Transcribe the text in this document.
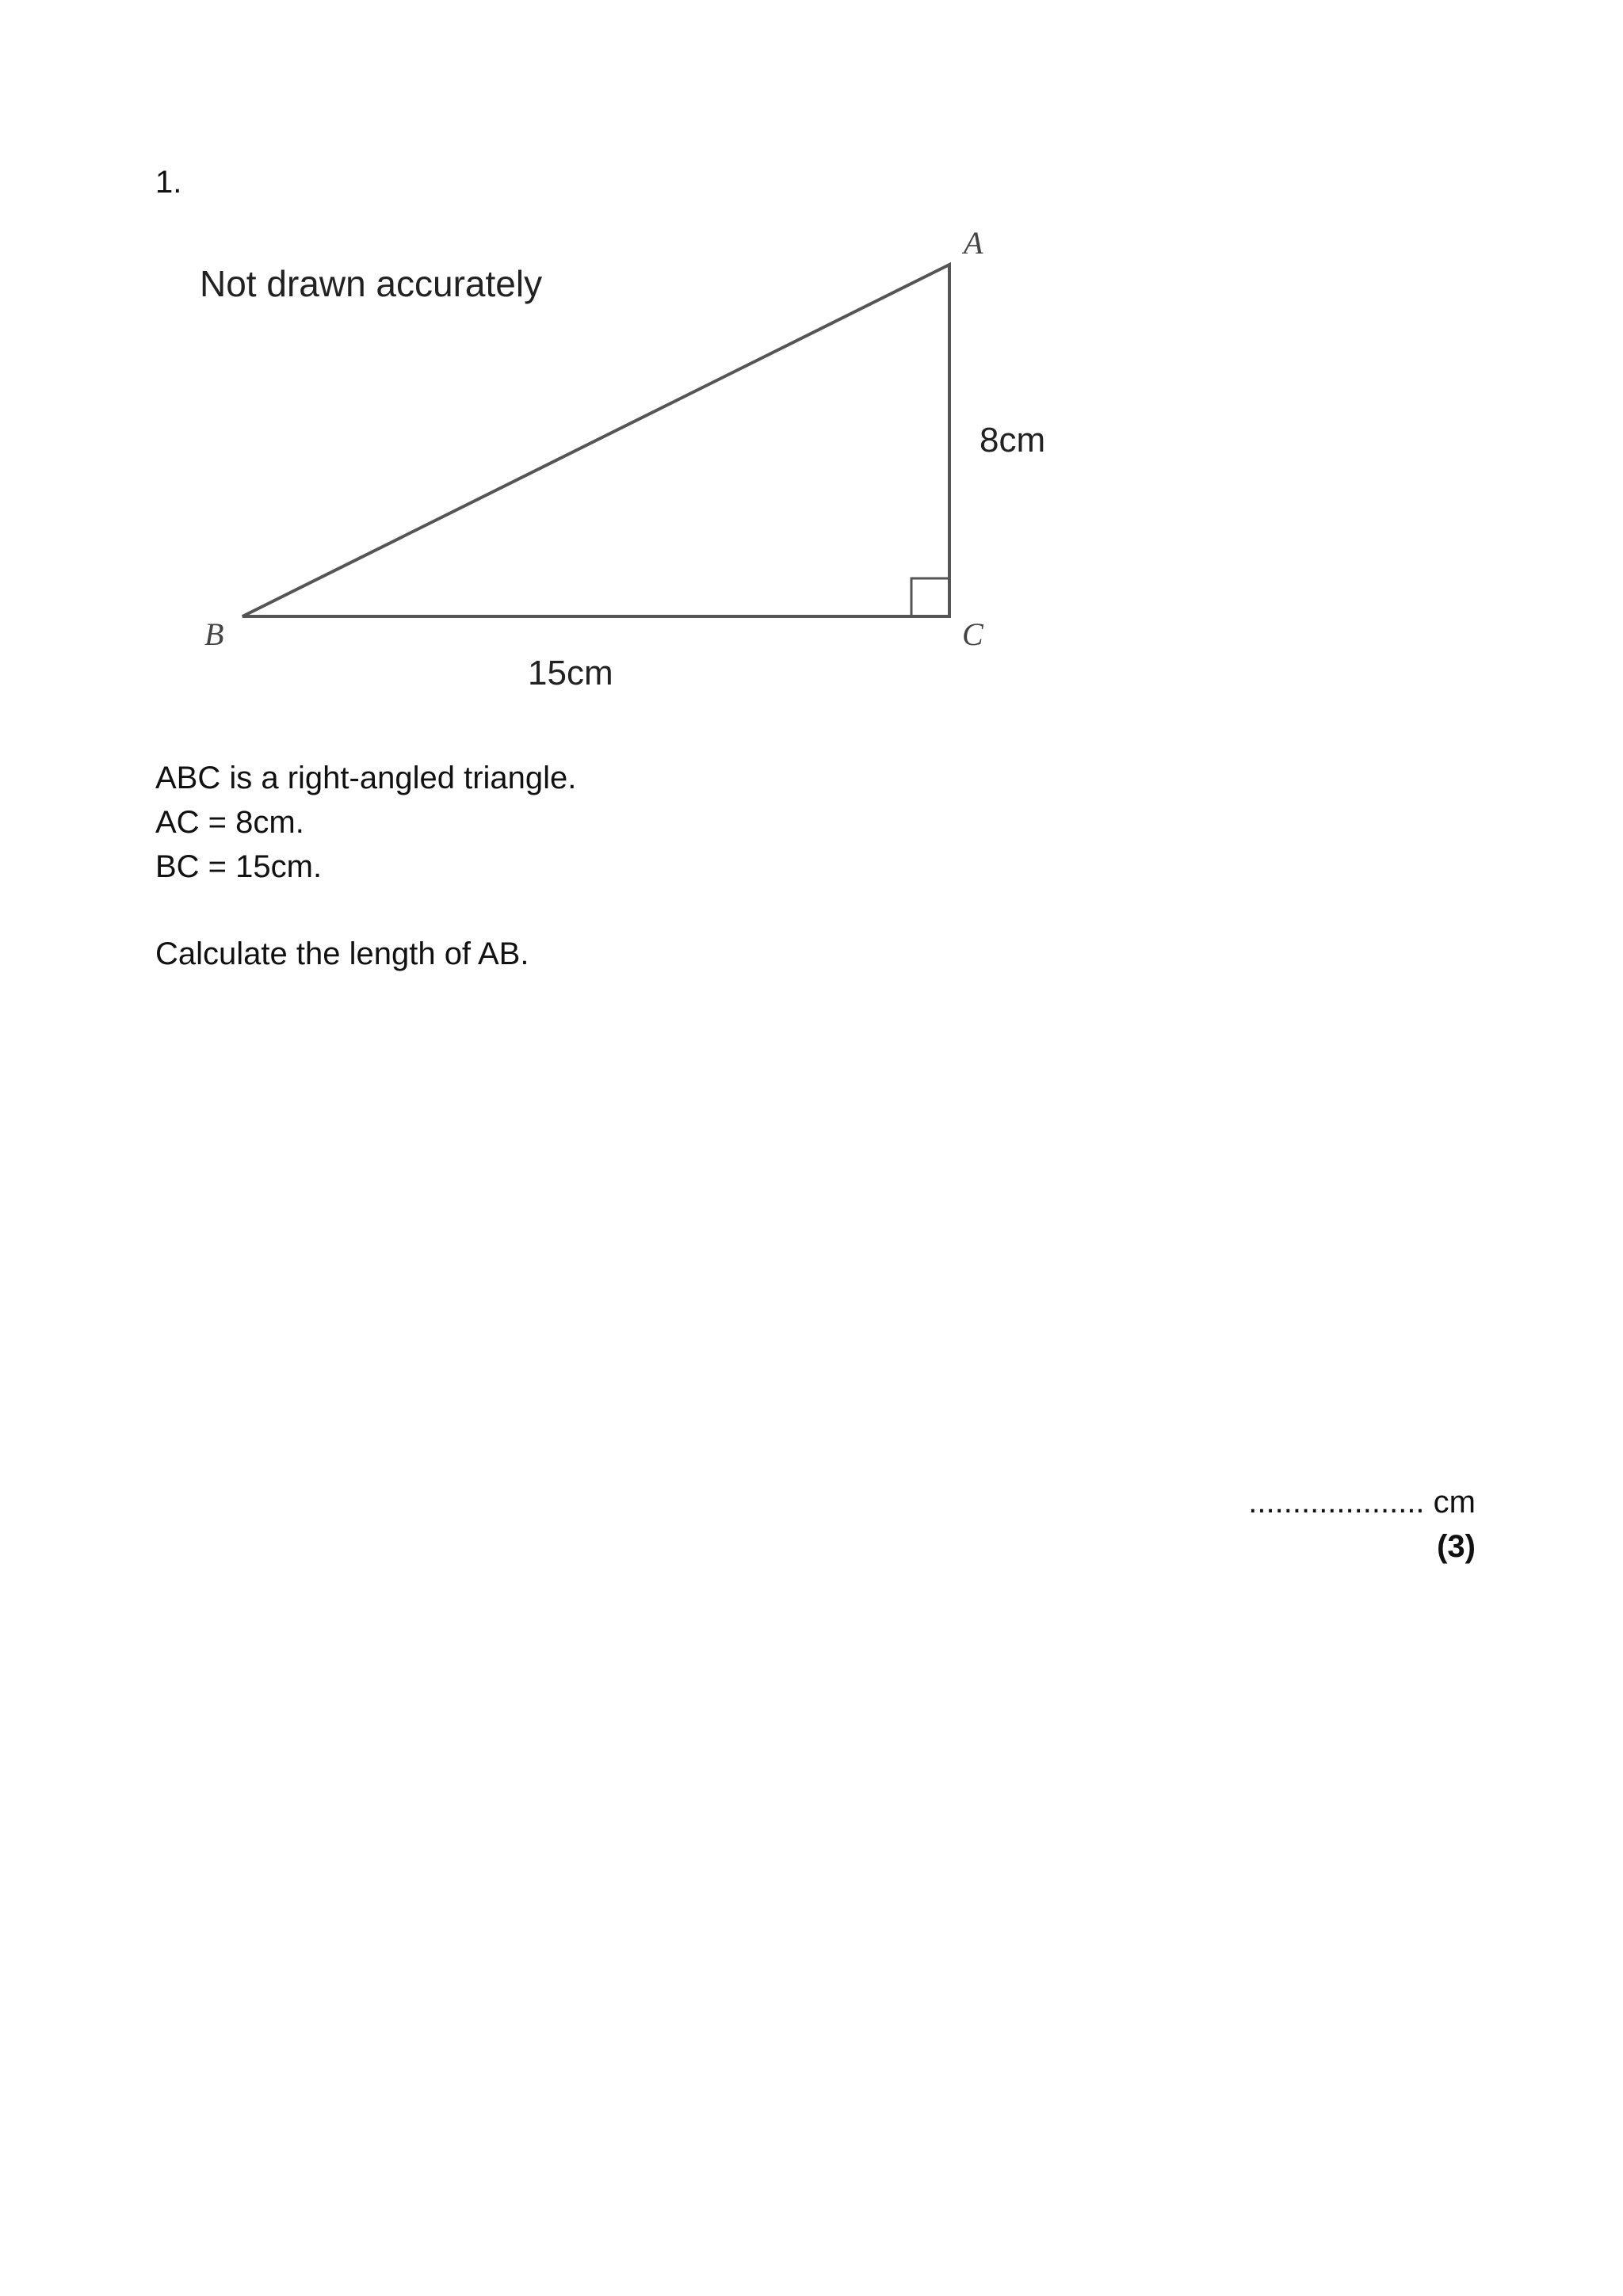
1.
Not drawn accurately
A
B	C
8cm
15cm
ABC is a right-angled triangle.
AC = 8cm.
BC = 15cm.
Calculate the length of AB.
.................... cm
(3)
